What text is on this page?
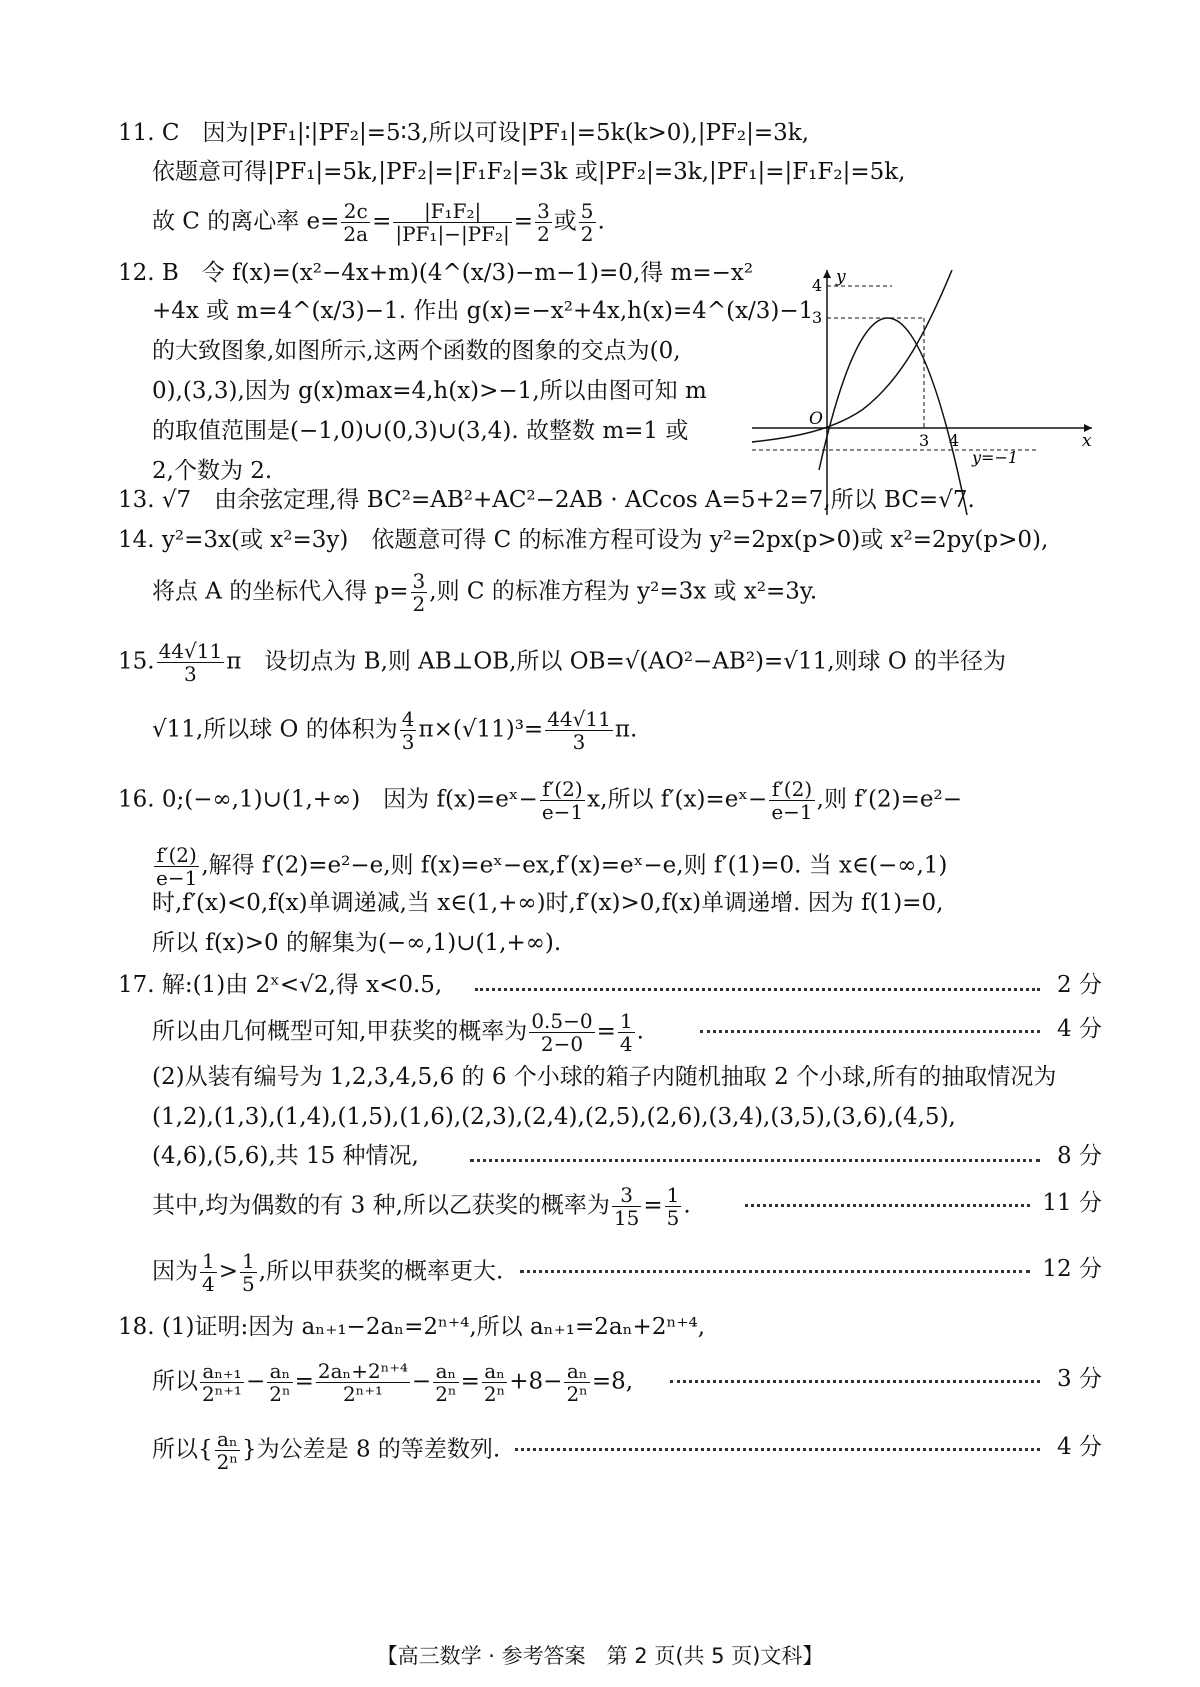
11. C　因为|PF₁|∶|PF₂|=5∶3,所以可设|PF₁|=5k(k>0),|PF₂|=3k,
依题意可得|PF₁|=5k,|PF₂|=|F₁F₂|=3k 或|PF₂|=3k,|PF₁|=|F₁F₂|=5k,
故 C 的离心率 $e= \frac{2c}{2a} = \frac{\text{|F₁F₂|}}{\text{|PF₁|−|PF₂|}} = \frac{3}{2}$ 或 $\frac{5}{2}$ .
12. B　令 f(x)=(x²−4x+m)(4^(x/3)−m−1)=0,得 m=−x²
+4x 或 m=4^(x/3)−1. 作出 g(x)=−x²+4x,h(x)=4^(x/3)−1
的大致图象,如图所示,这两个函数的图象的交点为(0,
0),(3,3),因为 g(x)max=4,h(x)>−1,所以由图可知 m
的取值范围是(−1,0)∪(0,3)∪(3,4). 故整数 m=1 或
2,个数为 2.
y
x
O
4
3
3 4
y=−1
13. √7　由余弦定理,得 BC²=AB²+AC²−2AB · ACcos A=5+2=7,所以 BC=√7.
14. y²=3x(或 x²=3y)　依题意可得 C 的标准方程可设为 y²=2px(p>0)或 x²=2py(p>0),
将点 A 的坐标代入得 $p= \frac{3}{2}$ ,则 C 的标准方程为 y²=3x 或 x²=3y.
15. $\frac{44√11}{3}$ π　设切点为 B,则 AB⊥OB,所以 OB=√(AO²−AB²)=√11,则球 O 的半径为
√11,所以球 O 的体积为 $\frac{4}{3} \pi\times(√11)^3= \frac{44√11}{3} \pi$.
16. 0;(−∞,1)∪(1,+∞)　因为 f(x)=eˣ− $\frac{f'(2)}{e-1} x$,所以 f′(x)=eˣ− $\frac{f'(2)}{e-1}$ ,则 f′(2)=e²−
$\frac{f'(2)}{e-1}$ ,解得 f′(2)=e²−e,则 f(x)=eˣ−ex,f′(x)=eˣ−e,则 f′(1)=0. 当 x∈(−∞,1)
时,f′(x)<0,f(x)单调递减,当 x∈(1,+∞)时,f′(x)>0,f(x)单调递增. 因为 f(1)=0,
所以 f(x)>0 的解集为(−∞,1)∪(1,+∞).
17. 解:(1)由 2ˣ<√2,得 x<0.5,	2 分
所以由几何概型可知,甲获奖的概率为 $\frac{0.5-0}{2-0} = \frac{1}{4}$ .	4 分
(2)从装有编号为 1,2,3,4,5,6 的 6 个小球的箱子内随机抽取 2 个小球,所有的抽取情况为
(1,2),(1,3),(1,4),(1,5),(1,6),(2,3),(2,4),(2,5),(2,6),(3,4),(3,5),(3,6),(4,5),
(4,6),(5,6),共 15 种情况,	8 分
其中,均为偶数的有 3 种,所以乙获奖的概率为 $\frac{3}{15} = \frac{1}{5}$ .	11 分
因为 $\frac{1}{4} > \frac{1}{5}$ ,所以甲获奖的概率更大.	12 分
18. (1)证明:因为 aₙ₊₁−2aₙ=2ⁿ⁺⁴,所以 aₙ₊₁=2aₙ+2ⁿ⁺⁴,
所以 $\frac{\text{aₙ₊₁}}{\text{2ⁿ⁺¹}} - \frac{\text{aₙ}}{\text{2ⁿ}} = \frac{\text{2aₙ+2ⁿ⁺⁴}}{\text{2ⁿ⁺¹}} - \frac{\text{aₙ}}{\text{2ⁿ}} = \frac{\text{aₙ}}{\text{2ⁿ}} +8- \frac{\text{aₙ}}{\text{2ⁿ}} =8$,	3 分
所以{ $\frac{\text{aₙ}}{\text{2ⁿ}}$ }为公差是 8 的等差数列.	4 分
【高三数学 · 参考答案　第 2 页(共 5 页)文科】
